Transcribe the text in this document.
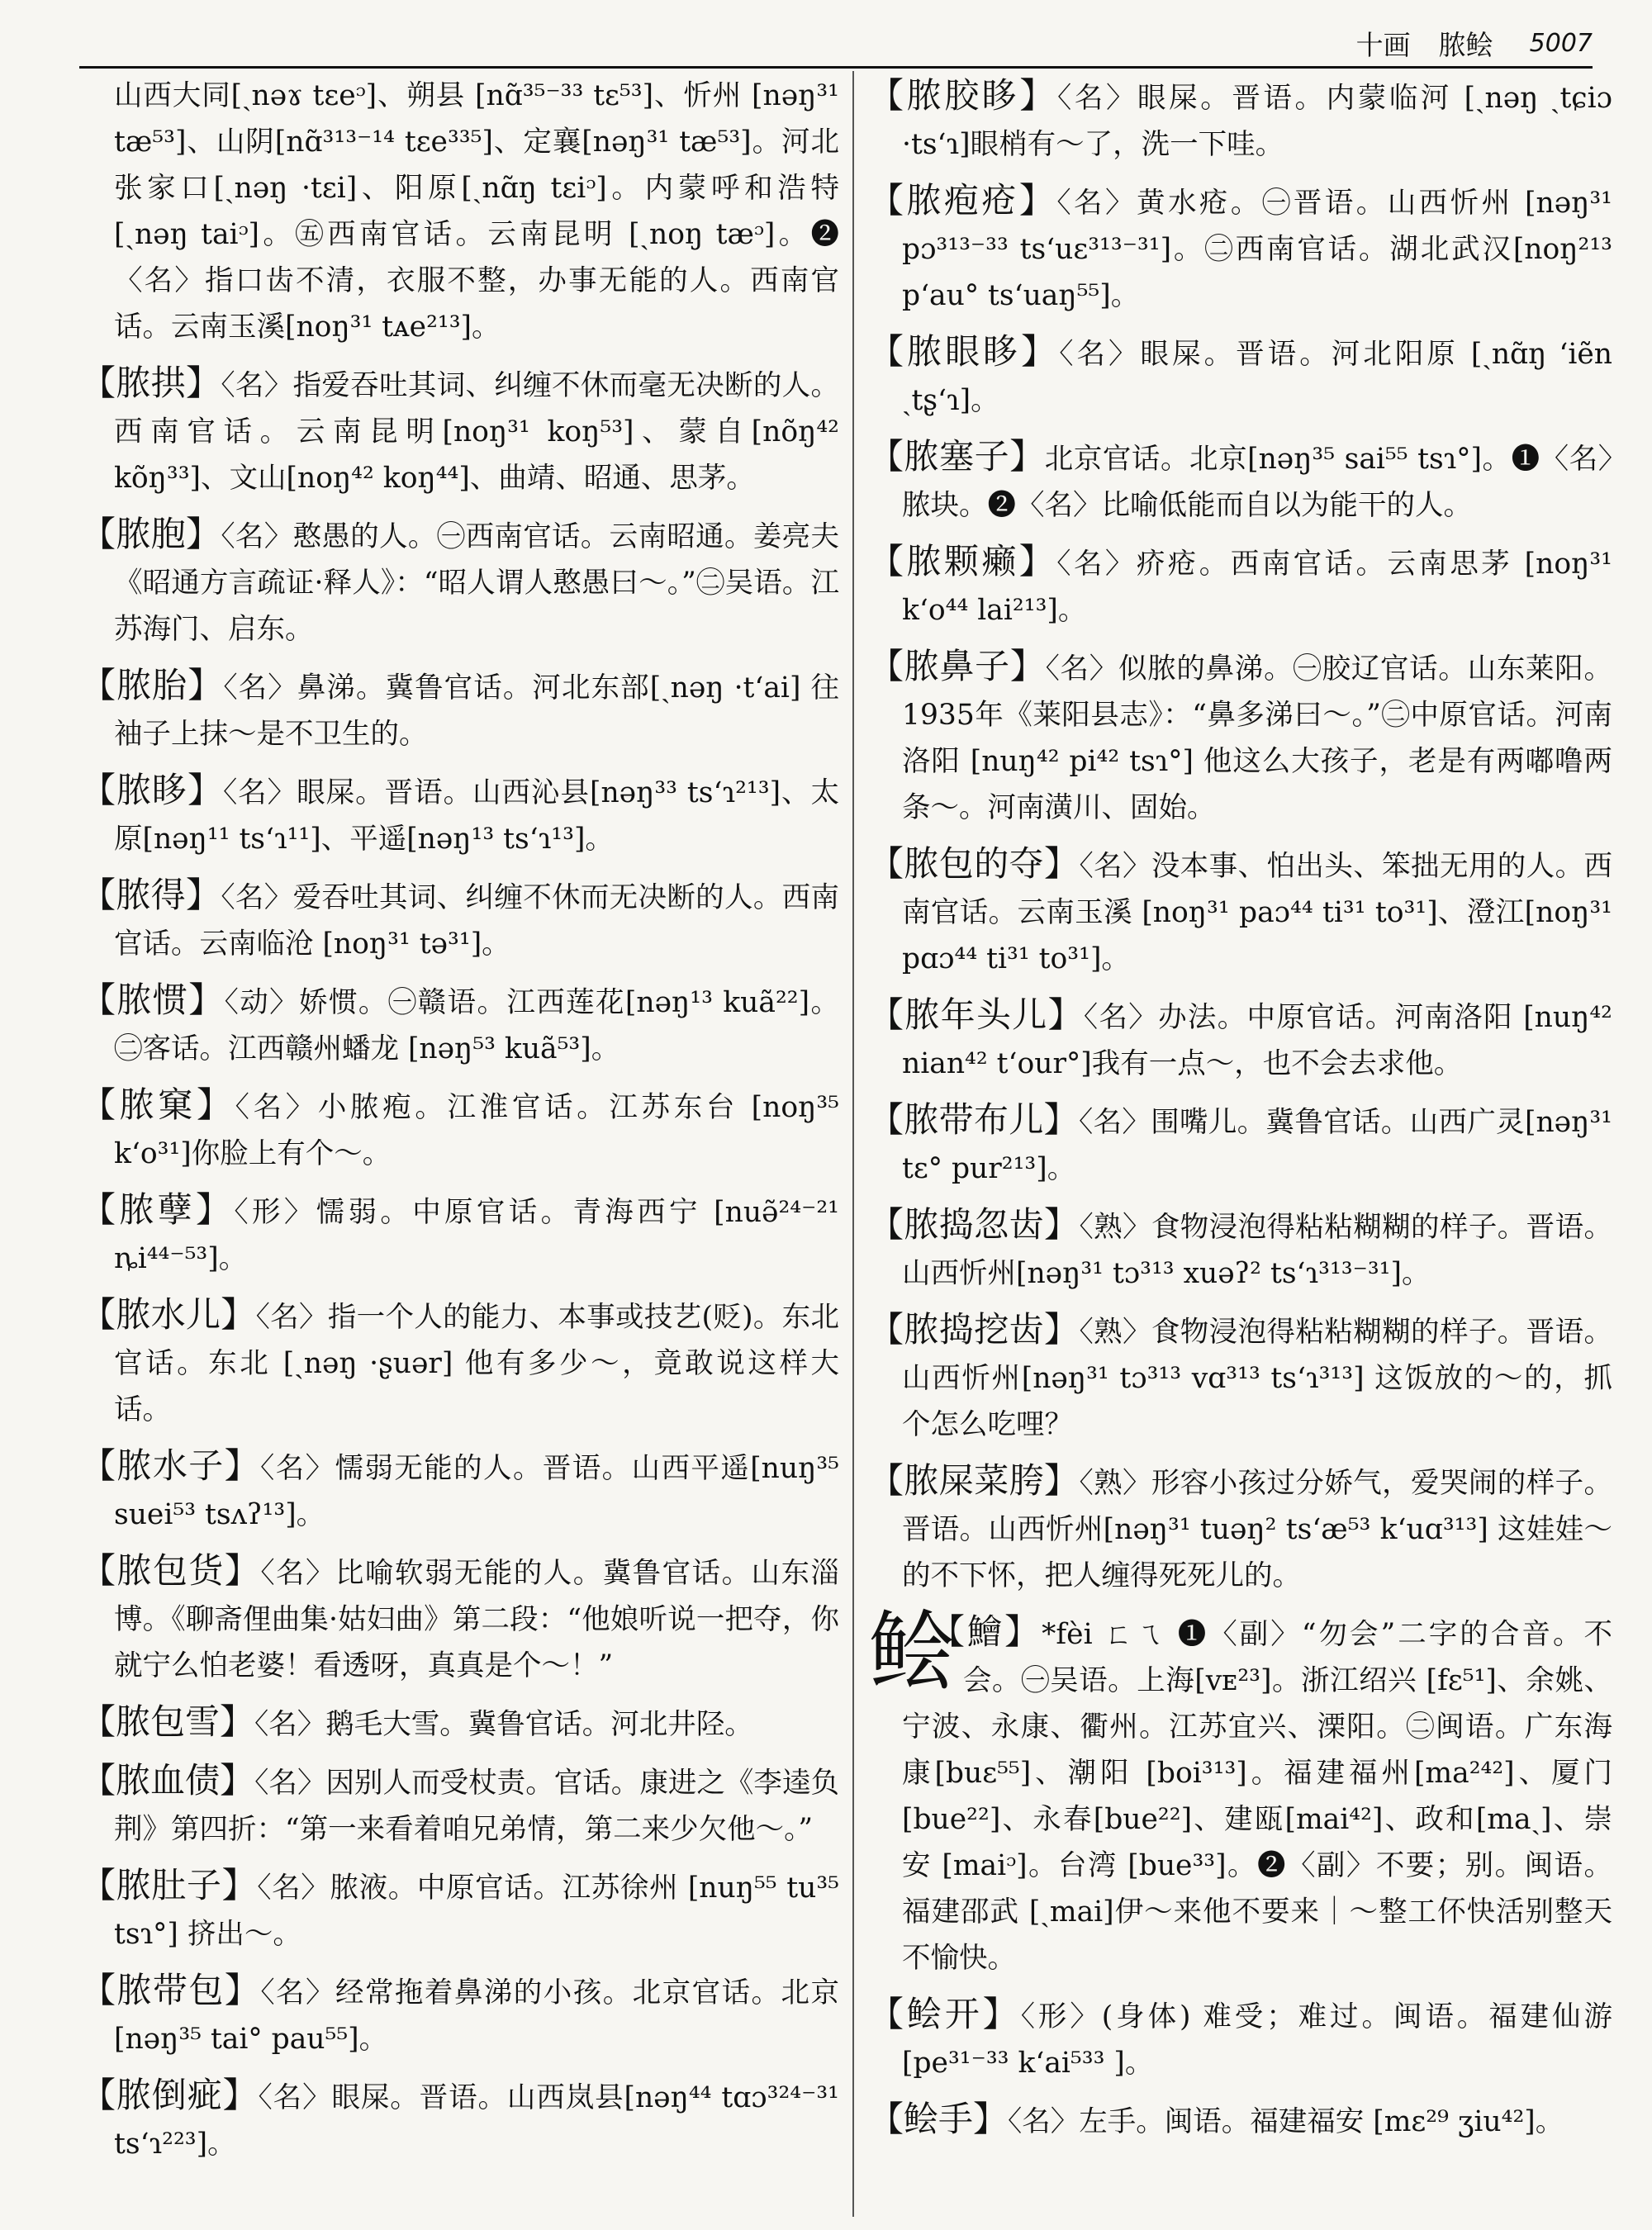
十画 脓鲙 5007

山西大同[ˏnəɤ tɛeᵓ]、朔县 [nɑ̃³⁵⁻³³ tɛ⁵³]、忻州 [nəŋ³¹ tæ⁵³]、山阴[nɑ̃³¹³⁻¹⁴ tɛe³³⁵]、定襄[nəŋ³¹ tæ⁵³]。河北张家口[ˏnəŋ ·tɛi]、阳原[ˏnɑ̃ŋ tɛiᵓ]。内蒙呼和浩特 [ˏnəŋ taiᵓ]。㊄西南官话。云南昆明 [ˏnoŋ tæᵓ]。❷〈名〉指口齿不清，衣服不整，办事无能的人。西南官话。云南玉溪[noŋ³¹ tᴀe²¹³]。

【脓拱】〈名〉指爱吞吐其词、纠缠不休而毫无决断的人。西南官话。云南昆明[noŋ³¹ koŋ⁵³]、蒙自[nõŋ⁴² kõŋ³³]、文山[noŋ⁴² koŋ⁴⁴]、曲靖、昭通、思茅。

【脓胞】〈名〉憨愚的人。㊀西南官话。云南昭通。姜亮夫《昭通方言疏证·释人》：“昭人谓人憨愚曰～。”㊁吴语。江苏海门、启东。

【脓胎】〈名〉鼻涕。冀鲁官话。河北东部[ˏnəŋ ·tʻai] 往袖子上抹～是不卫生的。

【脓眵】〈名〉眼屎。晋语。山西沁县[nəŋ³³ tsʻɿ²¹³]、太原[nəŋ¹¹ tsʻɿ¹¹]、平遥[nəŋ¹³ tsʻɿ¹³]。

【脓得】〈名〉爱吞吐其词、纠缠不休而无决断的人。西南官话。云南临沧 [noŋ³¹ tə³¹]。

【脓惯】〈动〉娇惯。㊀赣语。江西莲花[nəŋ¹³ kuã²²]。㊁客话。江西赣州蟠龙 [nəŋ⁵³ kuã⁵³]。

【脓窠】〈名〉小脓疱。江淮官话。江苏东台 [noŋ³⁵ kʻo³¹]你脸上有个～。

【脓孽】〈形〉懦弱。中原官话。青海西宁 [nuə̃²⁴⁻²¹ ȵi⁴⁴⁻⁵³]。

【脓水儿】〈名〉指一个人的能力、本事或技艺(贬)。东北官话。东北 [ˏnəŋ ·ʂuər] 他有多少～，竟敢说这样大话。

【脓水子】〈名〉懦弱无能的人。晋语。山西平遥[nuŋ³⁵ suei⁵³ tsʌʔ¹³]。

【脓包货】〈名〉比喻软弱无能的人。冀鲁官话。山东淄博。《聊斋俚曲集·姑妇曲》第二段：“他娘听说一把夺，你就宁么怕老婆！看透呀，真真是个～！”

【脓包雪】〈名〉鹅毛大雪。冀鲁官话。河北井陉。

【脓血债】〈名〉因别人而受杖责。官话。康进之《李逵负荆》第四折：“第一来看着咱兄弟情，第二来少欠他～。”

【脓肚子】〈名〉脓液。中原官话。江苏徐州 [nuŋ⁵⁵ tu³⁵ tsɿ°] 挤出～。

【脓带包】〈名〉经常拖着鼻涕的小孩。北京官话。北京[nəŋ³⁵ tai° pau⁵⁵]。

【脓倒疵】〈名〉眼屎。晋语。山西岚县[nəŋ⁴⁴ tɑɔ³²⁴⁻³¹ tsʻɿ²²³]。

【脓胶眵】〈名〉眼屎。晋语。内蒙临河 [ˏnəŋ ˏtɕiɔ ·tsʻɿ]眼梢有～了，洗一下哇。

【脓疱疮】〈名〉黄水疮。㊀晋语。山西忻州 [nəŋ³¹ pɔ³¹³⁻³³ tsʻuɛ³¹³⁻³¹]。㊁西南官话。湖北武汉[noŋ²¹³ pʻau° tsʻuaŋ⁵⁵]。

【脓眼眵】〈名〉眼屎。晋语。河北阳原 [ˏnɑ̃ŋ ʻiẽn ˏtʂʻɿ]。

【脓塞子】北京官话。北京[nəŋ³⁵ sai⁵⁵ tsɿ°]。❶〈名〉脓块。❷〈名〉比喻低能而自以为能干的人。

【脓颗癞】〈名〉疥疮。西南官话。云南思茅 [noŋ³¹ kʻo⁴⁴ lai²¹³]。

【脓鼻子】〈名〉似脓的鼻涕。㊀胶辽官话。山东莱阳。1935年《莱阳县志》：“鼻多涕曰～。”㊁中原官话。河南洛阳 [nuŋ⁴² pi⁴² tsɿ°] 他这么大孩子，老是有两嘟噜两条～。河南潢川、固始。

【脓包的夺】〈名〉没本事、怕出头、笨拙无用的人。西南官话。云南玉溪 [noŋ³¹ paɔ⁴⁴ ti³¹ to³¹]、澄江[noŋ³¹ pɑɔ⁴⁴ ti³¹ to³¹]。

【脓年头儿】〈名〉办法。中原官话。河南洛阳 [nuŋ⁴² nian⁴² tʻour°]我有一点～，也不会去求他。

【脓带布儿】〈名〉围嘴儿。冀鲁官话。山西广灵[nəŋ³¹ tɛ° pur²¹³]。

【脓捣忽齿】〈熟〉食物浸泡得粘粘糊糊的样子。晋语。山西忻州[nəŋ³¹ tɔ³¹³ xuəʔ² tsʻɿ³¹³⁻³¹]。

【脓捣挖齿】〈熟〉食物浸泡得粘粘糊糊的样子。晋语。山西忻州[nəŋ³¹ tɔ³¹³ vɑ³¹³ tsʻɿ³¹³] 这饭放的～的，抓个怎么吃哩？

【脓屎菜胯】〈熟〉形容小孩过分娇气，爱哭闹的样子。晋语。山西忻州[nəŋ³¹ tuəŋ² tsʻæ⁵³ kʻuɑ³¹³] 这娃娃～的不下怀，把人缠得死死儿的。

鲙
【鱠】*fèi ㄈㄟ ❶〈副〉“勿会”二字的合音。不会。㊀吴语。上海[vᴇ²³]。浙江绍兴 [fɛ⁵¹]、余姚、宁波、永康、衢州。江苏宜兴、溧阳。㊁闽语。广东海康[buɛ⁵⁵]、潮阳 [boi³¹³]。福建福州[ma²⁴²]、厦门[bue²²]、永春[bue²²]、建瓯[mai⁴²]、政和[maˏ]、崇安 [maiᵓ]。台湾 [bue³³]。❷〈副〉不要；别。闽语。福建邵武 [ˏmai]伊～来他不要来｜～整工伓快活别整天不愉快。

【鲙开】〈形〉(身体) 难受；难过。闽语。福建仙游 [pe³¹⁻³³ kʻai⁵³³ ]。

【鲙手】〈名〉左手。闽语。福建福安 [mɛ²⁹ ʒiu⁴²]。
